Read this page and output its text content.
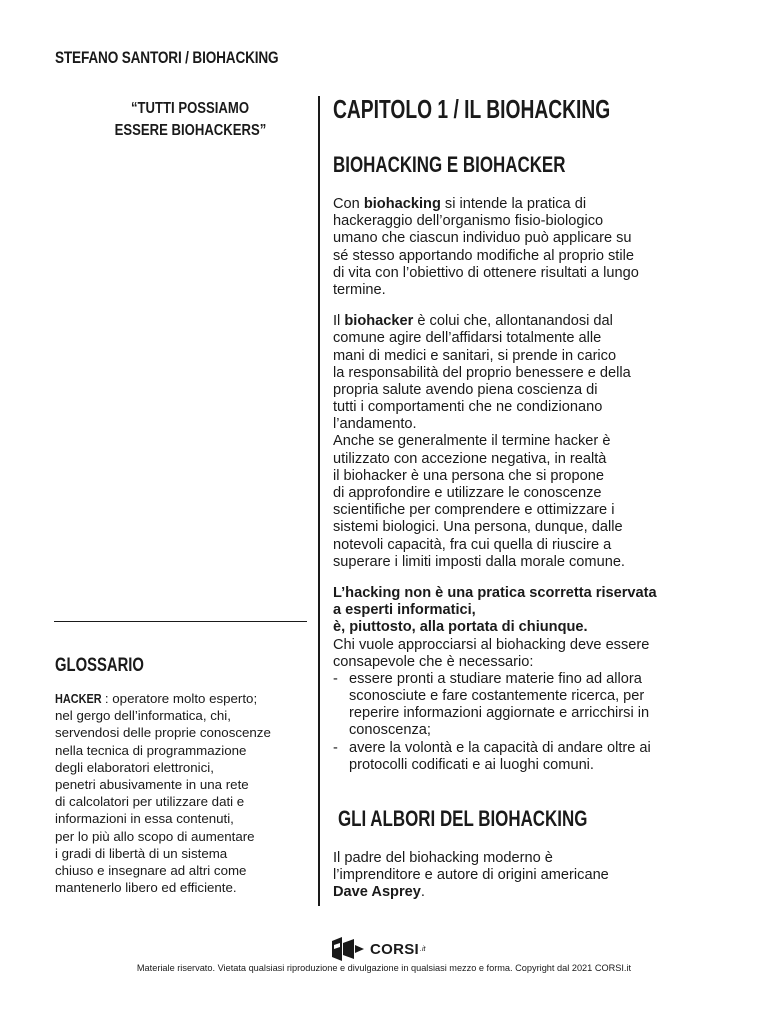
STEFANO SANTORI / BIOHACKING
“TUTTI POSSIAMO
ESSERE BIOHACKERS”
GLOSSARIO
HACKER : operatore molto esperto;
nel gergo dell’informatica, chi,
servendosi delle proprie conoscenze
nella tecnica di programmazione
degli elaboratori elettronici,
penetri abusivamente in una rete
di calcolatori per utilizzare dati e
informazioni in essa contenuti,
per lo più allo scopo di aumentare
i gradi di libertà di un sistema
chiuso e insegnare ad altri come
mantenerlo libero ed efficiente.
CAPITOLO 1 / IL BIOHACKING
BIOHACKING E BIOHACKER
Con biohacking si intende la pratica di
hackeraggio dell’organismo fisio-biologico
umano che ciascun individuo può applicare su
sé stesso apportando modifiche al proprio stile
di vita con l’obiettivo di ottenere risultati a lungo
termine.
Il biohacker è colui che, allontanandosi dal
comune agire dell’affidarsi totalmente alle
mani di medici e sanitari, si prende in carico
la responsabilità del proprio benessere e della
propria salute avendo piena coscienza di
tutti i comportamenti che ne condizionano
l’andamento.
Anche se generalmente il termine hacker è
utilizzato con accezione negativa, in realtà
il biohacker è una persona che si propone
di approfondire e utilizzare le conoscenze
scientifiche per comprendere e ottimizzare i
sistemi biologici. Una persona, dunque, dalle
notevoli capacità, fra cui quella di riuscire a
superare i limiti imposti dalla morale comune.
L’hacking non è una pratica scorretta riservata
a esperti informatici,
è, piuttosto, alla portata di chiunque.
Chi vuole approcciarsi al biohacking deve essere
consapevole che è necessario:
- essere pronti a studiare materie fino ad allora
sconosciute e fare costantemente ricerca, per
reperire informazioni aggiornate e arricchirsi in
conoscenza;
- avere la volontà e la capacità di andare oltre ai
protocolli codificati e ai luoghi comuni.
GLI ALBORI DEL BIOHACKING
Il padre del biohacking moderno è
l’imprenditore e autore di origini americane
Dave Asprey.
CORSI .it
Materiale riservato. Vietata qualsiasi riproduzione e divulgazione in qualsiasi mezzo e forma. Copyright dal 2021 CORSI.it
